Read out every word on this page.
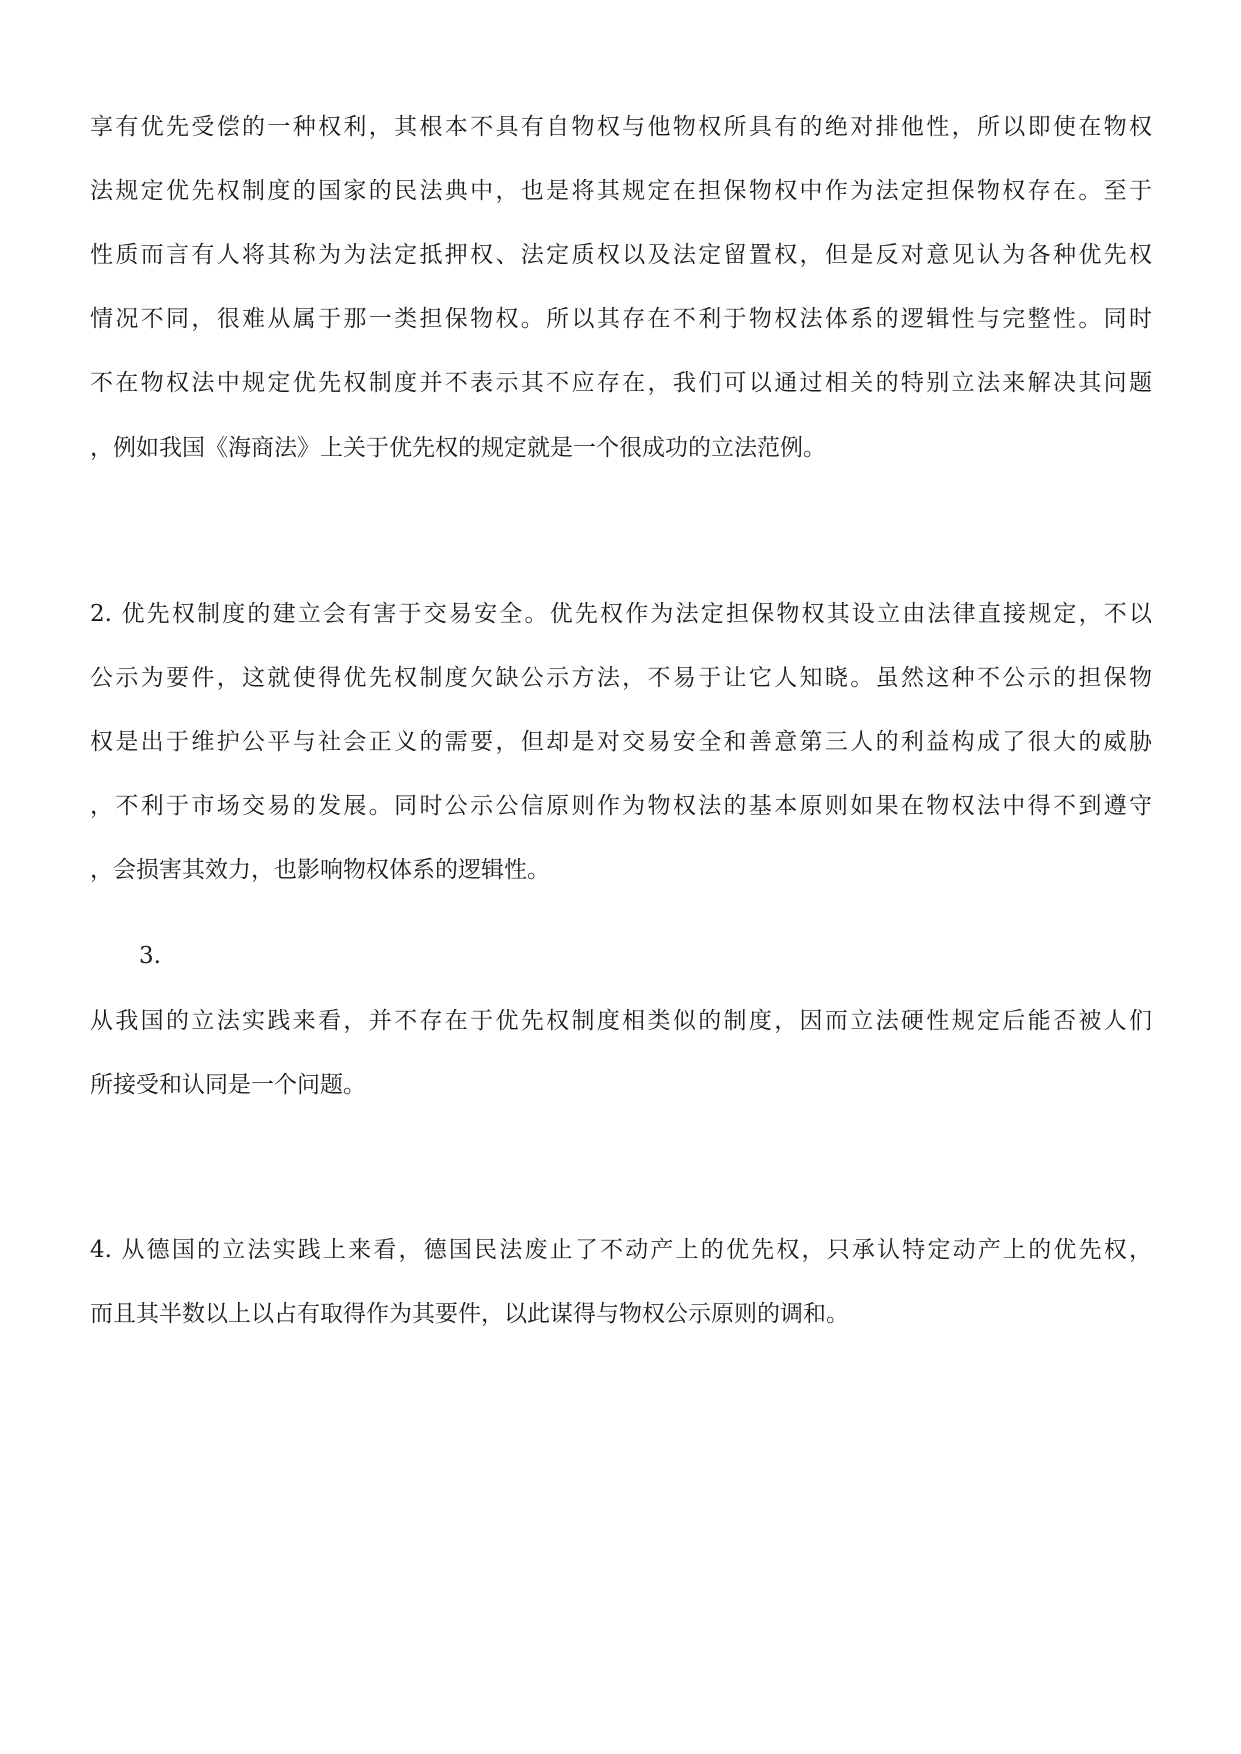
享有优先受偿的一种权利，其根本不具有自物权与他物权所具有的绝对排他性，所以即使在物权
法规定优先权制度的国家的民法典中，也是将其规定在担保物权中作为法定担保物权存在。至于
性质而言有人将其称为为法定抵押权、法定质权以及法定留置权，但是反对意见认为各种优先权
情况不同，很难从属于那一类担保物权。所以其存在不利于物权法体系的逻辑性与完整性。同时
不在物权法中规定优先权制度并不表示其不应存在，我们可以通过相关的特别立法来解决其问题
，例如我国《海商法》上关于优先权的规定就是一个很成功的立法范例。
2. 优先权制度的建立会有害于交易安全。优先权作为法定担保物权其设立由法律直接规定，不以
公示为要件，这就使得优先权制度欠缺公示方法，不易于让它人知晓。虽然这种不公示的担保物
权是出于维护公平与社会正义的需要，但却是对交易安全和善意第三人的利益构成了很大的威胁
，不利于市场交易的发展。同时公示公信原则作为物权法的基本原则如果在物权法中得不到遵守
，会损害其效力，也影响物权体系的逻辑性。
3.
从我国的立法实践来看，并不存在于优先权制度相类似的制度，因而立法硬性规定后能否被人们
所接受和认同是一个问题。
4. 从德国的立法实践上来看，德国民法废止了不动产上的优先权，只承认特定动产上的优先权，
而且其半数以上以占有取得作为其要件，以此谋得与物权公示原则的调和。
